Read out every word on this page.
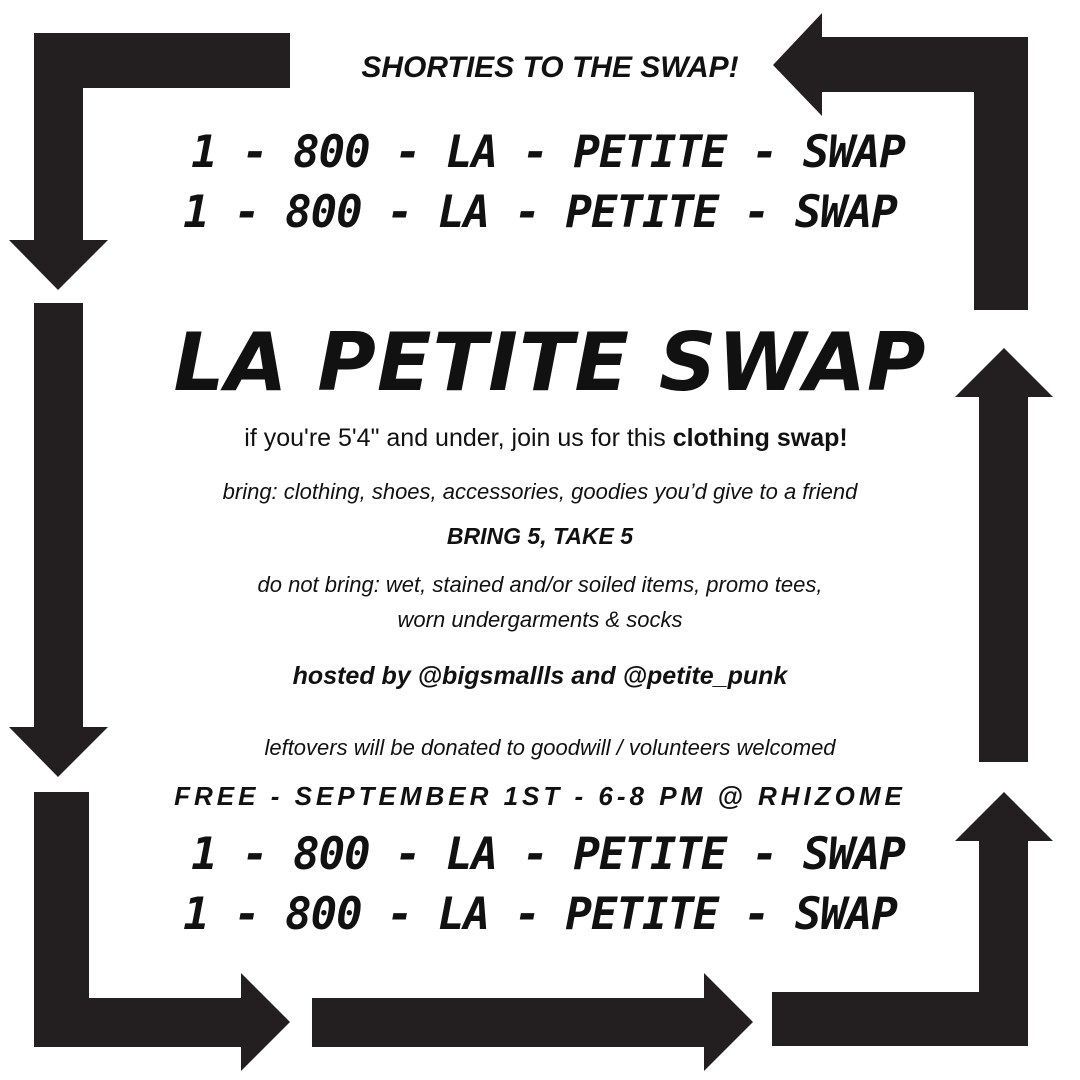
SHORTIES TO THE SWAP!

1 - 800 - LA - PETITE - SWAP

1 - 800 - LA - PETITE - SWAP

LA PETITE SWAP

if you're 5'4" and under, join us for this clothing swap!

bring: clothing, shoes, accessories, goodies you’d give to a friend

BRING 5, TAKE 5

do not bring: wet, stained and/or soiled items, promo tees,

worn undergarments & socks

hosted by @bigsmallls and @petite_punk

leftovers will be donated to goodwill / volunteers welcomed

FREE - SEPTEMBER 1ST - 6-8 PM @ RHIZOME

1 - 800 - LA - PETITE - SWAP

1 - 800 - LA - PETITE - SWAP
